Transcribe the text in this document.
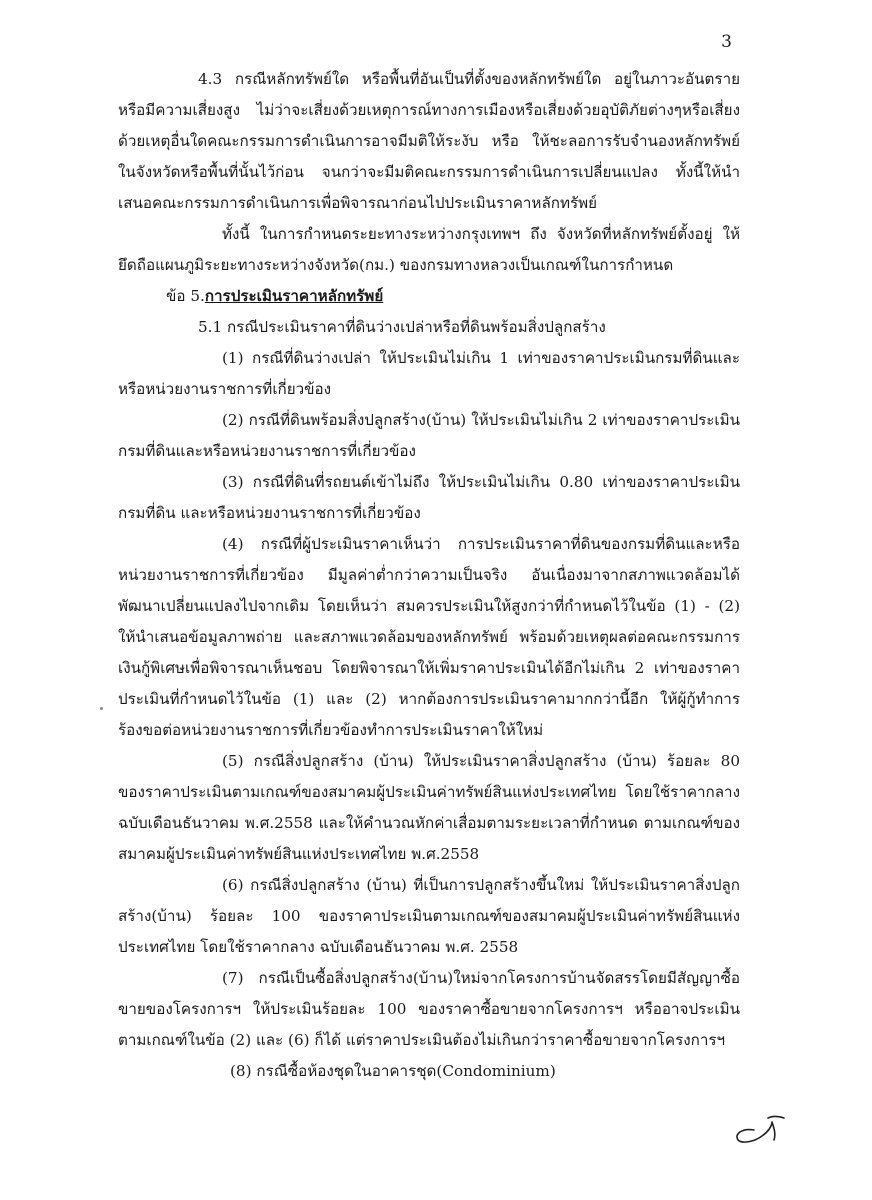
3

4.3 กรณีหลักทรัพย์ใด หรือพื้นที่อันเป็นที่ตั้งของหลักทรัพย์ใด อยู่ในภาวะอันตรายหรือมีความเสี่ยงสูง ไม่ว่าจะเสี่ยงด้วยเหตุการณ์ทางการเมืองหรือเสี่ยงด้วยอุบัติภัยต่างๆหรือเสี่ยงด้วยเหตุอื่นใดคณะกรรมการดำเนินการอาจมีมติให้ระงับ หรือ ให้ชะลอการรับจำนองหลักทรัพย์ในจังหวัดหรือพื้นที่นั้นไว้ก่อน จนกว่าจะมีมติคณะกรรมการดำเนินการเปลี่ยนแปลง ทั้งนี้ให้นำเสนอคณะกรรมการดำเนินการเพื่อพิจารณาก่อนไปประเมินราคาหลักทรัพย์

ทั้งนี้ ในการกำหนดระยะทางระหว่างกรุงเทพฯ ถึง จังหวัดที่หลักทรัพย์ตั้งอยู่ ให้ยึดถือแผนภูมิระยะทางระหว่างจังหวัด(กม.) ของกรมทางหลวงเป็นเกณฑ์ในการกำหนด

ข้อ 5.การประเมินราคาหลักทรัพย์

5.1 กรณีประเมินราคาที่ดินว่างเปล่าหรือที่ดินพร้อมสิ่งปลูกสร้าง

(1) กรณีที่ดินว่างเปล่า ให้ประเมินไม่เกิน 1 เท่าของราคาประเมินกรมที่ดินและหรือหน่วยงานราชการที่เกี่ยวข้อง

(2) กรณีที่ดินพร้อมสิ่งปลูกสร้าง(บ้าน) ให้ประเมินไม่เกิน 2 เท่าของราคาประเมินกรมที่ดินและหรือหน่วยงานราชการที่เกี่ยวข้อง

(3) กรณีที่ดินที่รถยนต์เข้าไม่ถึง ให้ประเมินไม่เกิน 0.80 เท่าของราคาประเมินกรมที่ดิน และหรือหน่วยงานราชการที่เกี่ยวข้อง

(4) กรณีที่ผู้ประเมินราคาเห็นว่า การประเมินราคาที่ดินของกรมที่ดินและหรือหน่วยงานราชการที่เกี่ยวข้อง มีมูลค่าต่ำกว่าความเป็นจริง อันเนื่องมาจากสภาพแวดล้อมได้พัฒนาเปลี่ยนแปลงไปจากเดิม โดยเห็นว่า สมควรประเมินให้สูงกว่าที่กำหนดไว้ในข้อ (1) - (2) ให้นำเสนอข้อมูลภาพถ่าย และสภาพแวดล้อมของหลักทรัพย์ พร้อมด้วยเหตุผลต่อคณะกรรมการเงินกู้พิเศษเพื่อพิจารณาเห็นชอบ โดยพิจารณาให้เพิ่มราคาประเมินได้อีกไม่เกิน 2 เท่าของราคาประเมินที่กำหนดไว้ในข้อ (1) และ (2) หากต้องการประเมินราคามากกว่านี้อีก ให้ผู้กู้ทำการร้องขอต่อหน่วยงานราชการที่เกี่ยวข้องทำการประเมินราคาให้ใหม่

(5) กรณีสิ่งปลูกสร้าง (บ้าน) ให้ประเมินราคาสิ่งปลูกสร้าง (บ้าน) ร้อยละ 80 ของราคาประเมินตามเกณฑ์ของสมาคมผู้ประเมินค่าทรัพย์สินแห่งประเทศไทย โดยใช้ราคากลางฉบับเดือนธันวาคม พ.ศ.2558 และให้คำนวณหักค่าเสื่อมตามระยะเวลาที่กำหนด ตามเกณฑ์ของสมาคมผู้ประเมินค่าทรัพย์สินแห่งประเทศไทย พ.ศ.2558

(6) กรณีสิ่งปลูกสร้าง (บ้าน) ที่เป็นการปลูกสร้างขึ้นใหม่ ให้ประเมินราคาสิ่งปลูกสร้าง(บ้าน) ร้อยละ 100 ของราคาประเมินตามเกณฑ์ของสมาคมผู้ประเมินค่าทรัพย์สินแห่งประเทศไทย โดยใช้ราคากลาง ฉบับเดือนธันวาคม พ.ศ. 2558

(7) กรณีเป็นซื้อสิ่งปลูกสร้าง(บ้าน)ใหม่จากโครงการบ้านจัดสรรโดยมีสัญญาซื้อขายของโครงการฯ ให้ประเมินร้อยละ 100 ของราคาซื้อขายจากโครงการฯ หรืออาจประเมินตามเกณฑ์ในข้อ (2) และ (6) ก็ได้ แต่ราคาประเมินต้องไม่เกินกว่าราคาซื้อขายจากโครงการฯ

(8) กรณีซื้อห้องชุดในอาคารชุด(Condominium)
